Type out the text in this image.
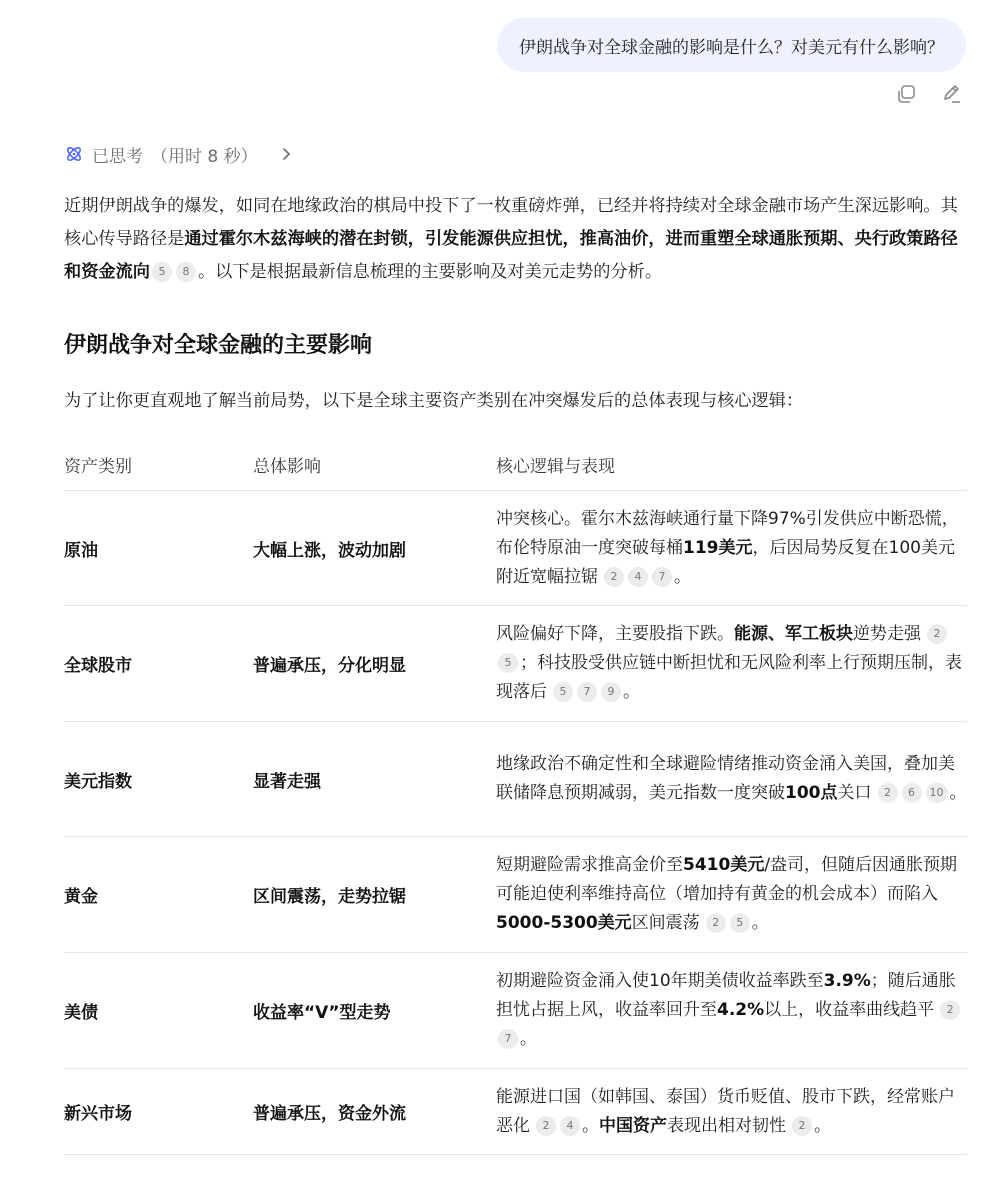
伊朗战争对全球金融的影响是什么？对美元有什么影响？
已思考 （用时 8 秒）
近期伊朗战争的爆发，如同在地缘政治的棋局中投下了一枚重磅炸弹，已经并将持续对全球金融市场产生深远影响。其核心传导路径是通过霍尔木兹海峡的潜在封锁，引发能源供应担忧，推高油价，进而重塑全球通胀预期、央行政策路径和资金流向 5 8 。以下是根据最新信息梳理的主要影响及对美元走势的分析。
伊朗战争对全球金融的主要影响
为了让你更直观地了解当前局势，以下是全球主要资产类别在冲突爆发后的总体表现与核心逻辑：
资产类别	总体影响	核心逻辑与表现
原油	大幅上涨，波动加剧	冲突核心。霍尔木兹海峡通行量下降97%引发供应中断恐慌，布伦特原油一度突破每桶119美元，后因局势反复在100美元附近宽幅拉锯 2 4 7 。
全球股市	普遍承压，分化明显	风险偏好下降，主要股指下跌。能源、军工板块逆势走强 25 ；科技股受供应链中断担忧和无风险利率上行预期压制，表现落后 5 7 9 。
美元指数	显著走强	地缘政治不确定性和全球避险情绪推动资金涌入美国，叠加美联储降息预期减弱，美元指数一度突破100点关口 2 6 10 。
黄金	区间震荡，走势拉锯	短期避险需求推高金价至5410美元/盎司，但随后因通胀预期可能迫使利率维持高位（增加持有黄金的机会成本）而陷入5000-5300美元区间震荡 2 5 。
美债	收益率“V”型走势	初期避险资金涌入使10年期美债收益率跌至3.9%；随后通胀担忧占据上风，收益率回升至4.2%以上，收益率曲线趋平 27 。
新兴市场	普遍承压，资金外流	能源进口国（如韩国、泰国）货币贬值、股市下跌，经常账户恶化 2 4 。中国资产表现出相对韧性 2 。
